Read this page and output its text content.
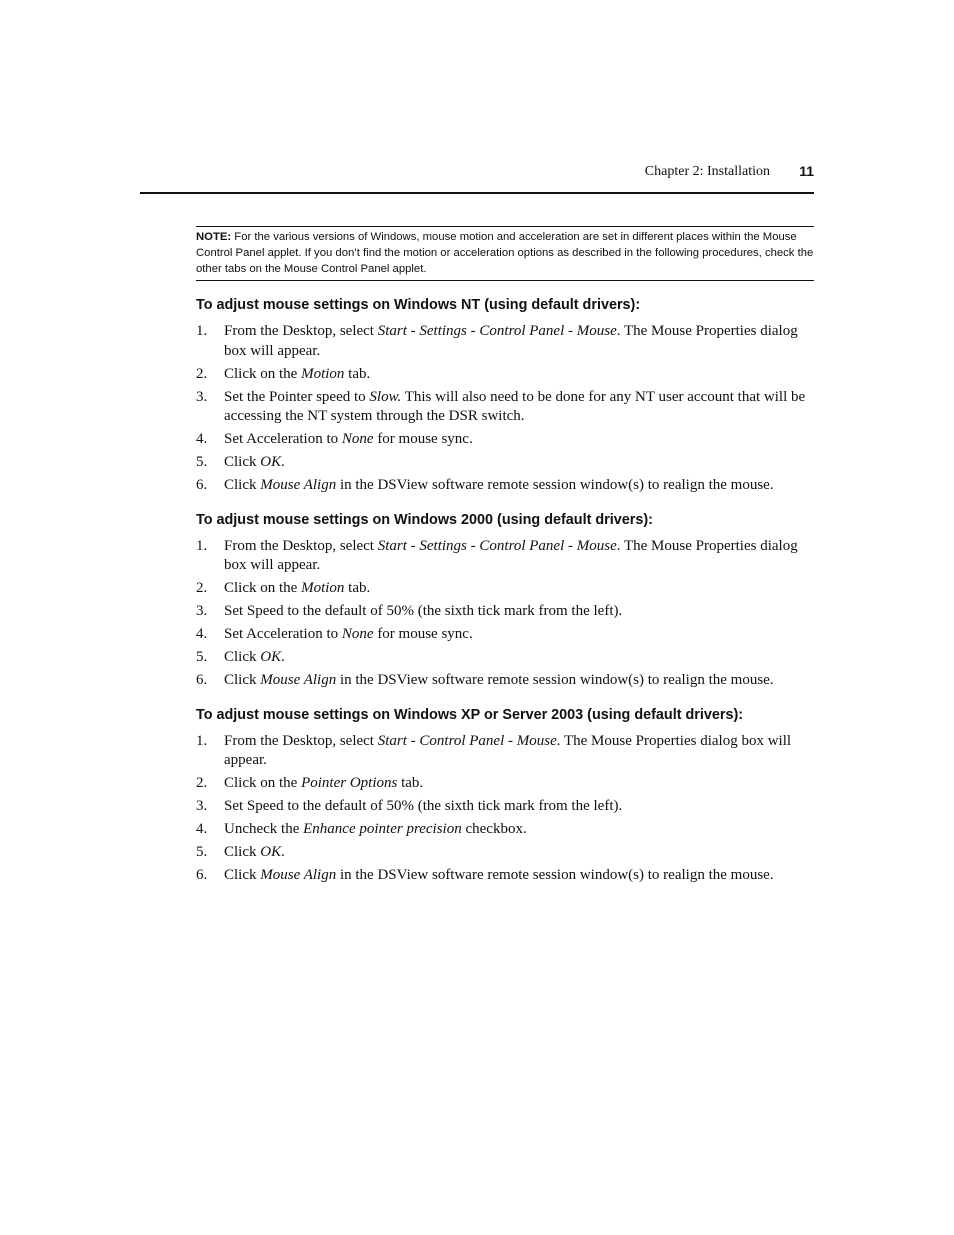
Chapter 2: Installation 11
NOTE: For the various versions of Windows, mouse motion and acceleration are set in different places within the Mouse Control Panel applet. If you don’t find the motion or acceleration options as described in the following procedures, check the other tabs on the Mouse Control Panel applet.
To adjust mouse settings on Windows NT (using default drivers):
1. From the Desktop, select Start - Settings - Control Panel - Mouse. The Mouse Properties dialog box will appear.
2. Click on the Motion tab.
3. Set the Pointer speed to Slow. This will also need to be done for any NT user account that will be accessing the NT system through the DSR switch.
4. Set Acceleration to None for mouse sync.
5. Click OK.
6. Click Mouse Align in the DSView software remote session window(s) to realign the mouse.
To adjust mouse settings on Windows 2000 (using default drivers):
1. From the Desktop, select Start - Settings - Control Panel - Mouse. The Mouse Properties dialog box will appear.
2. Click on the Motion tab.
3. Set Speed to the default of 50% (the sixth tick mark from the left).
4. Set Acceleration to None for mouse sync.
5. Click OK.
6. Click Mouse Align in the DSView software remote session window(s) to realign the mouse.
To adjust mouse settings on Windows XP or Server 2003 (using default drivers):
1. From the Desktop, select Start - Control Panel - Mouse. The Mouse Properties dialog box will appear.
2. Click on the Pointer Options tab.
3. Set Speed to the default of 50% (the sixth tick mark from the left).
4. Uncheck the Enhance pointer precision checkbox.
5. Click OK.
6. Click Mouse Align in the DSView software remote session window(s) to realign the mouse.
